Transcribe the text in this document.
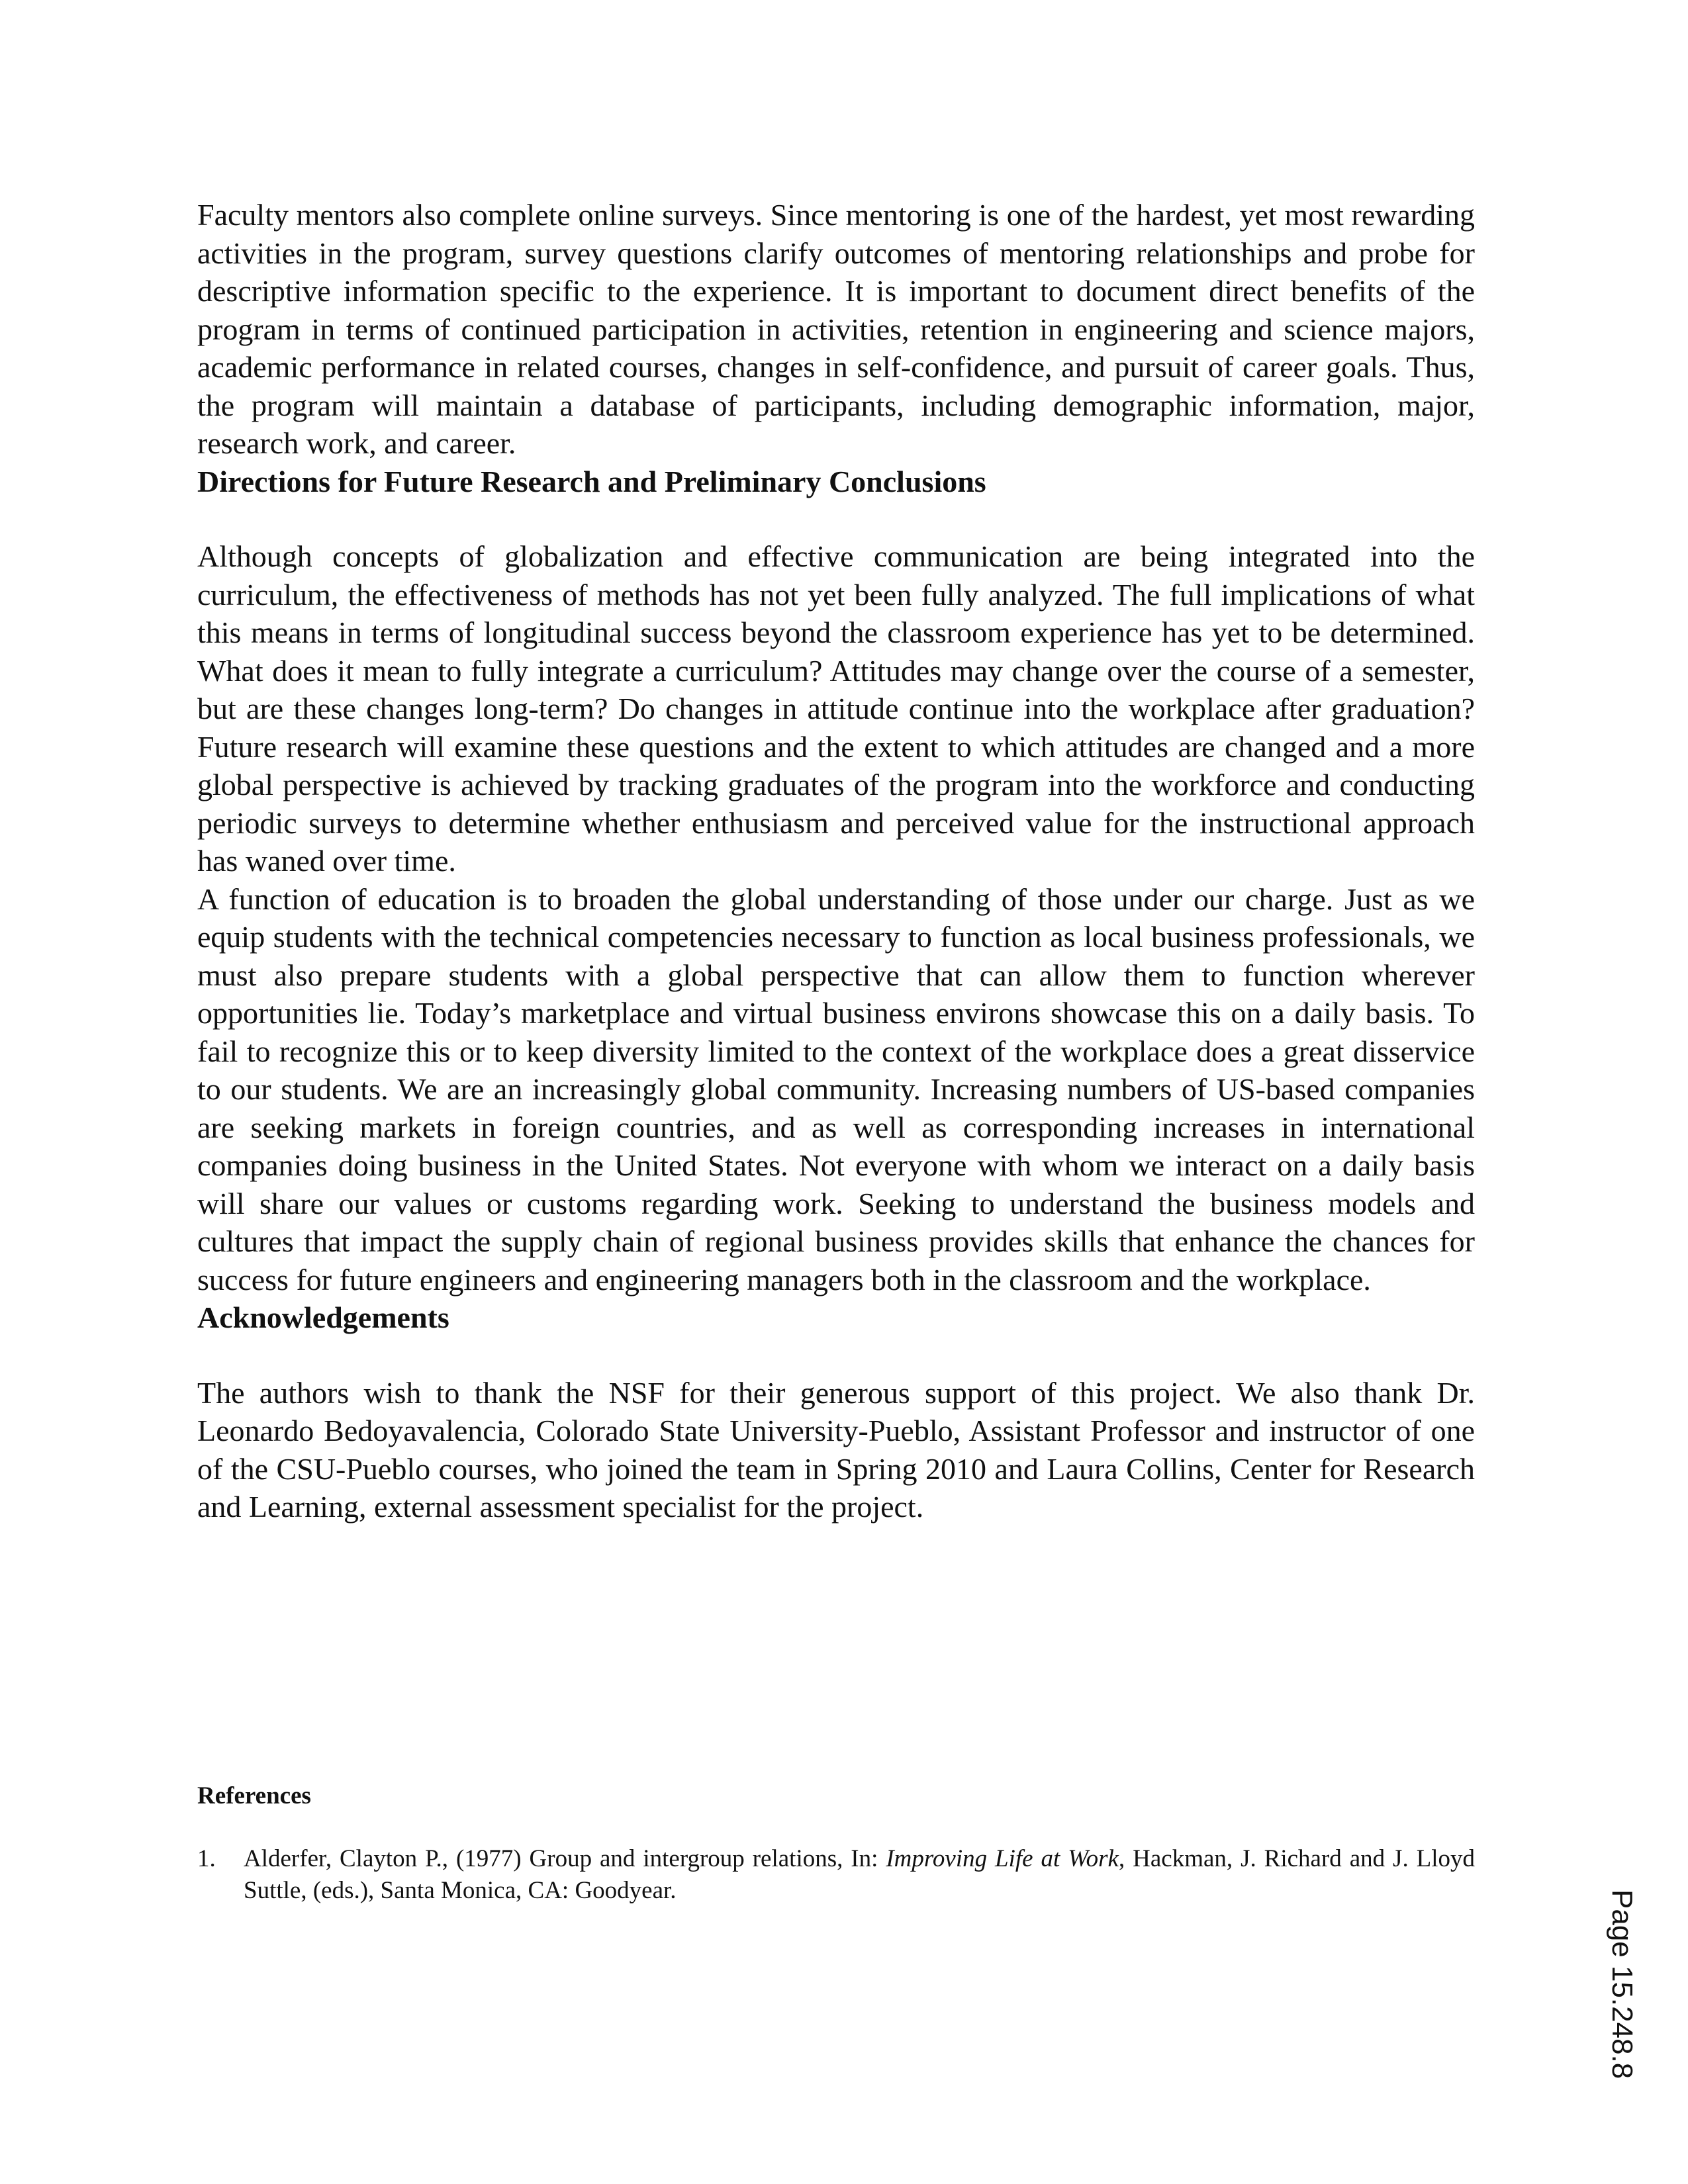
Faculty mentors also complete online surveys. Since mentoring is one of the hardest, yet most rewarding activities in the program, survey questions clarify outcomes of mentoring relationships and probe for descriptive information specific to the experience. It is important to document direct benefits of the program in terms of continued participation in activities, retention in engineering and science majors, academic performance in related courses, changes in self-confidence, and pursuit of career goals. Thus, the program will maintain a database of participants, including demographic information, major, research work, and career.

Directions for Future Research and Preliminary Conclusions

Although concepts of globalization and effective communication are being integrated into the curriculum, the effectiveness of methods has not yet been fully analyzed. The full implications of what this means in terms of longitudinal success beyond the classroom experience has yet to be determined. What does it mean to fully integrate a curriculum? Attitudes may change over the course of a semester, but are these changes long-term? Do changes in attitude continue into the workplace after graduation? Future research will examine these questions and the extent to which attitudes are changed and a more global perspective is achieved by tracking graduates of the program into the workforce and conducting periodic surveys to determine whether enthusiasm and perceived value for the instructional approach has waned over time.

A function of education is to broaden the global understanding of those under our charge. Just as we equip students with the technical competencies necessary to function as local business professionals, we must also prepare students with a global perspective that can allow them to function wherever opportunities lie. Today’s marketplace and virtual business environs showcase this on a daily basis. To fail to recognize this or to keep diversity limited to the context of the workplace does a great disservice to our students. We are an increasingly global community. Increasing numbers of US-based companies are seeking markets in foreign countries, and as well as corresponding increases in international companies doing business in the United States. Not everyone with whom we interact on a daily basis will share our values or customs regarding work. Seeking to understand the business models and cultures that impact the supply chain of regional business provides skills that enhance the chances for success for future engineers and engineering managers both in the classroom and the workplace.

Acknowledgements

The authors wish to thank the NSF for their generous support of this project. We also thank Dr. Leonardo Bedoyavalencia, Colorado State University-Pueblo, Assistant Professor and instructor of one of the CSU-Pueblo courses, who joined the team in Spring 2010 and Laura Collins, Center for Research and Learning, external assessment specialist for the project.

References
1.	Alderfer, Clayton P., (1977) Group and intergroup relations, In: Improving Life at Work, Hackman, J. Richard and J. Lloyd Suttle, (eds.), Santa Monica, CA: Goodyear.	Page 15.248.8
